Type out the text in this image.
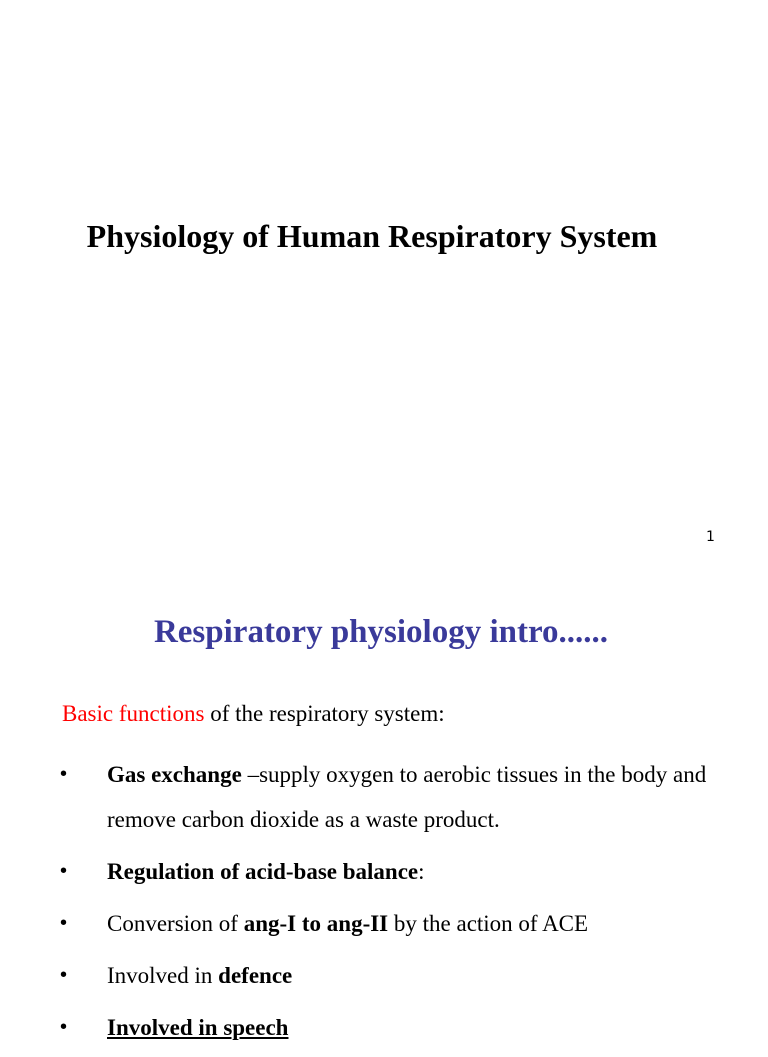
Physiology of Human Respiratory System
1
Respiratory physiology intro......
Basic functions of the respiratory system:
• Gas exchange –supply oxygen to aerobic tissues in the body and remove carbon dioxide as a waste product.
• Regulation of acid-base balance:
• Conversion of ang-I to ang-II by the action of ACE
• Involved in defence
• Involved in speech
